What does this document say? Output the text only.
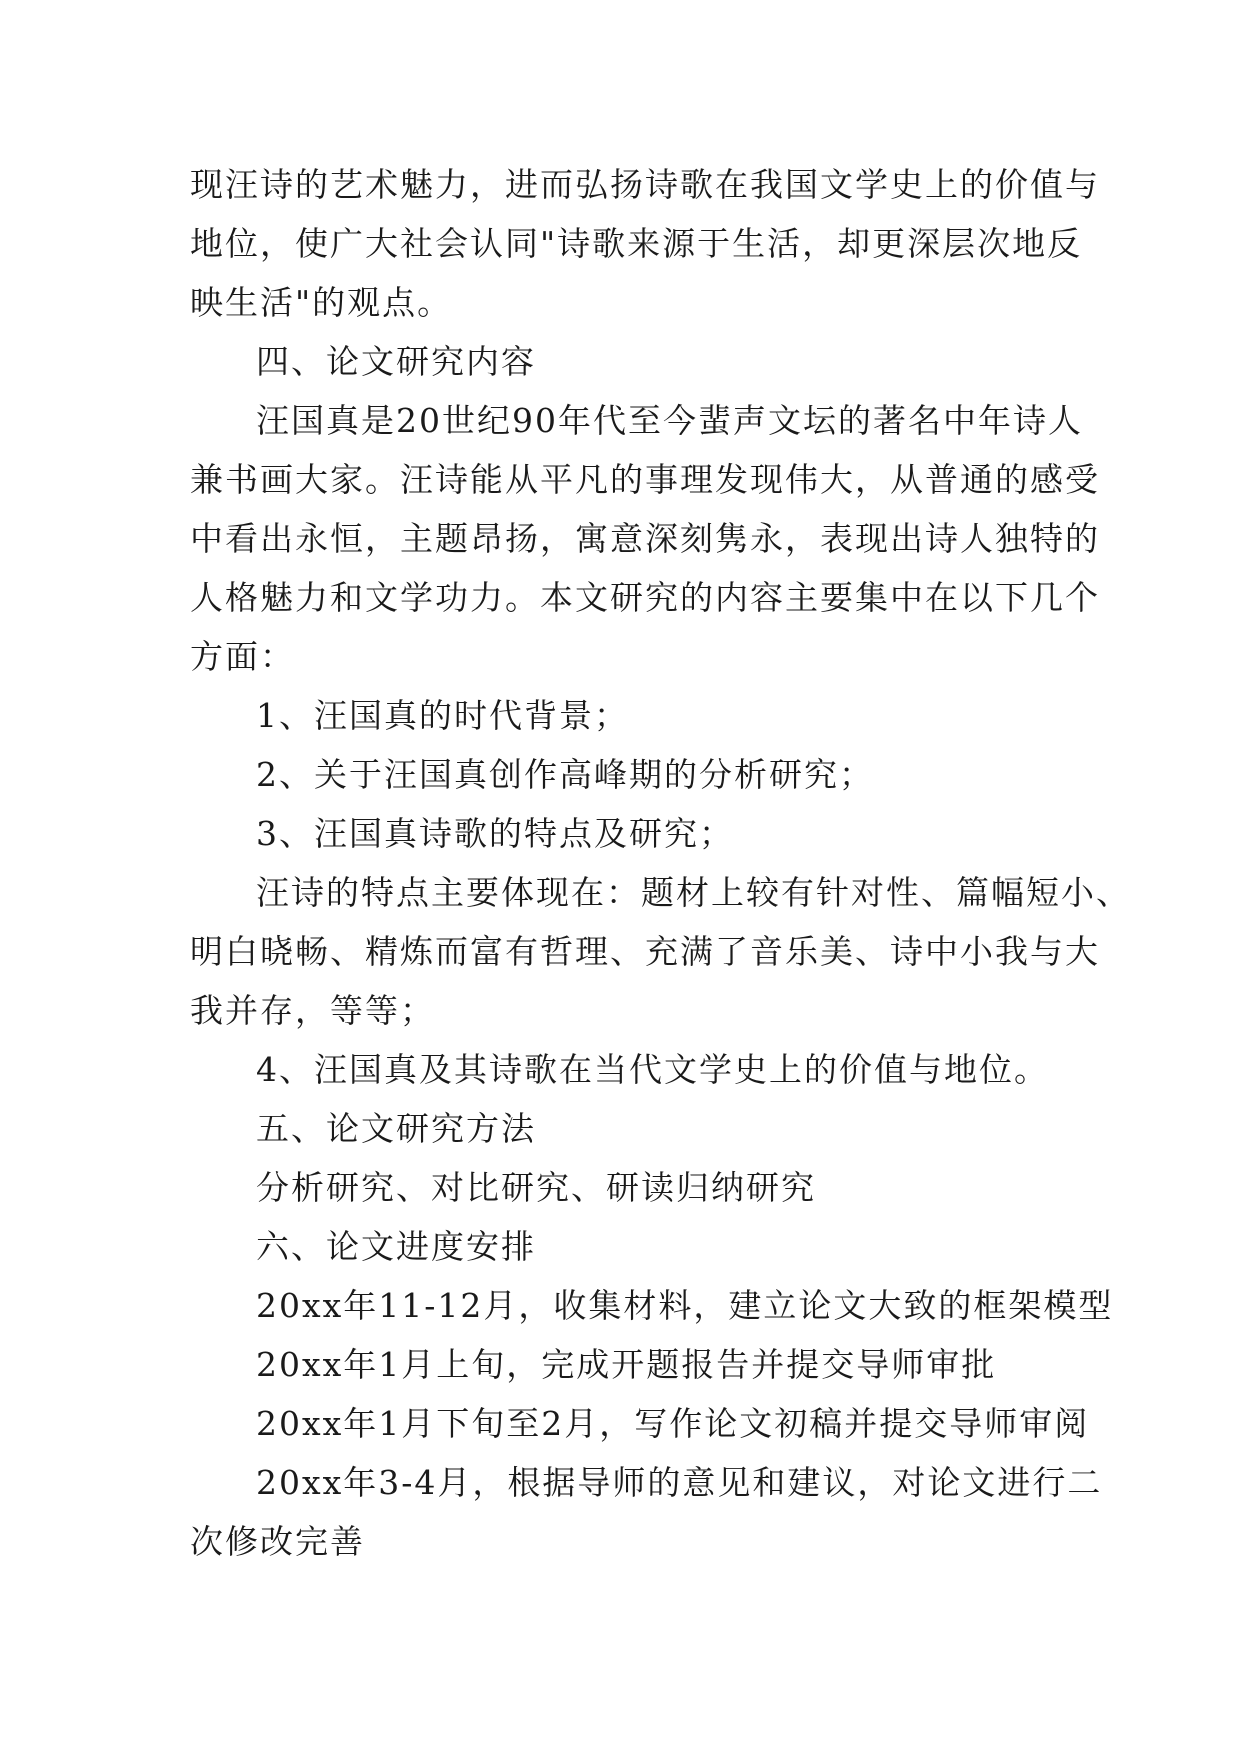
现汪诗的艺术魅力，进而弘扬诗歌在我国文学史上的价值与
地位，使广大社会认同"诗歌来源于生活，却更深层次地反
映生活"的观点。
四、论文研究内容
汪国真是20世纪90年代至今蜚声文坛的著名中年诗人
兼书画大家。汪诗能从平凡的事理发现伟大，从普通的感受
中看出永恒，主题昂扬，寓意深刻隽永，表现出诗人独特的
人格魅力和文学功力。本文研究的内容主要集中在以下几个
方面：
1、汪国真的时代背景；
2、关于汪国真创作高峰期的分析研究；
3、汪国真诗歌的特点及研究；
汪诗的特点主要体现在：题材上较有针对性、篇幅短小、
明白晓畅、精炼而富有哲理、充满了音乐美、诗中小我与大
我并存，等等；
4、汪国真及其诗歌在当代文学史上的价值与地位。
五、论文研究方法
分析研究、对比研究、研读归纳研究
六、论文进度安排
20xx年11-12月，收集材料，建立论文大致的框架模型
20xx年1月上旬，完成开题报告并提交导师审批
20xx年1月下旬至2月，写作论文初稿并提交导师审阅
20xx年3-4月，根据导师的意见和建议，对论文进行二
次修改完善
